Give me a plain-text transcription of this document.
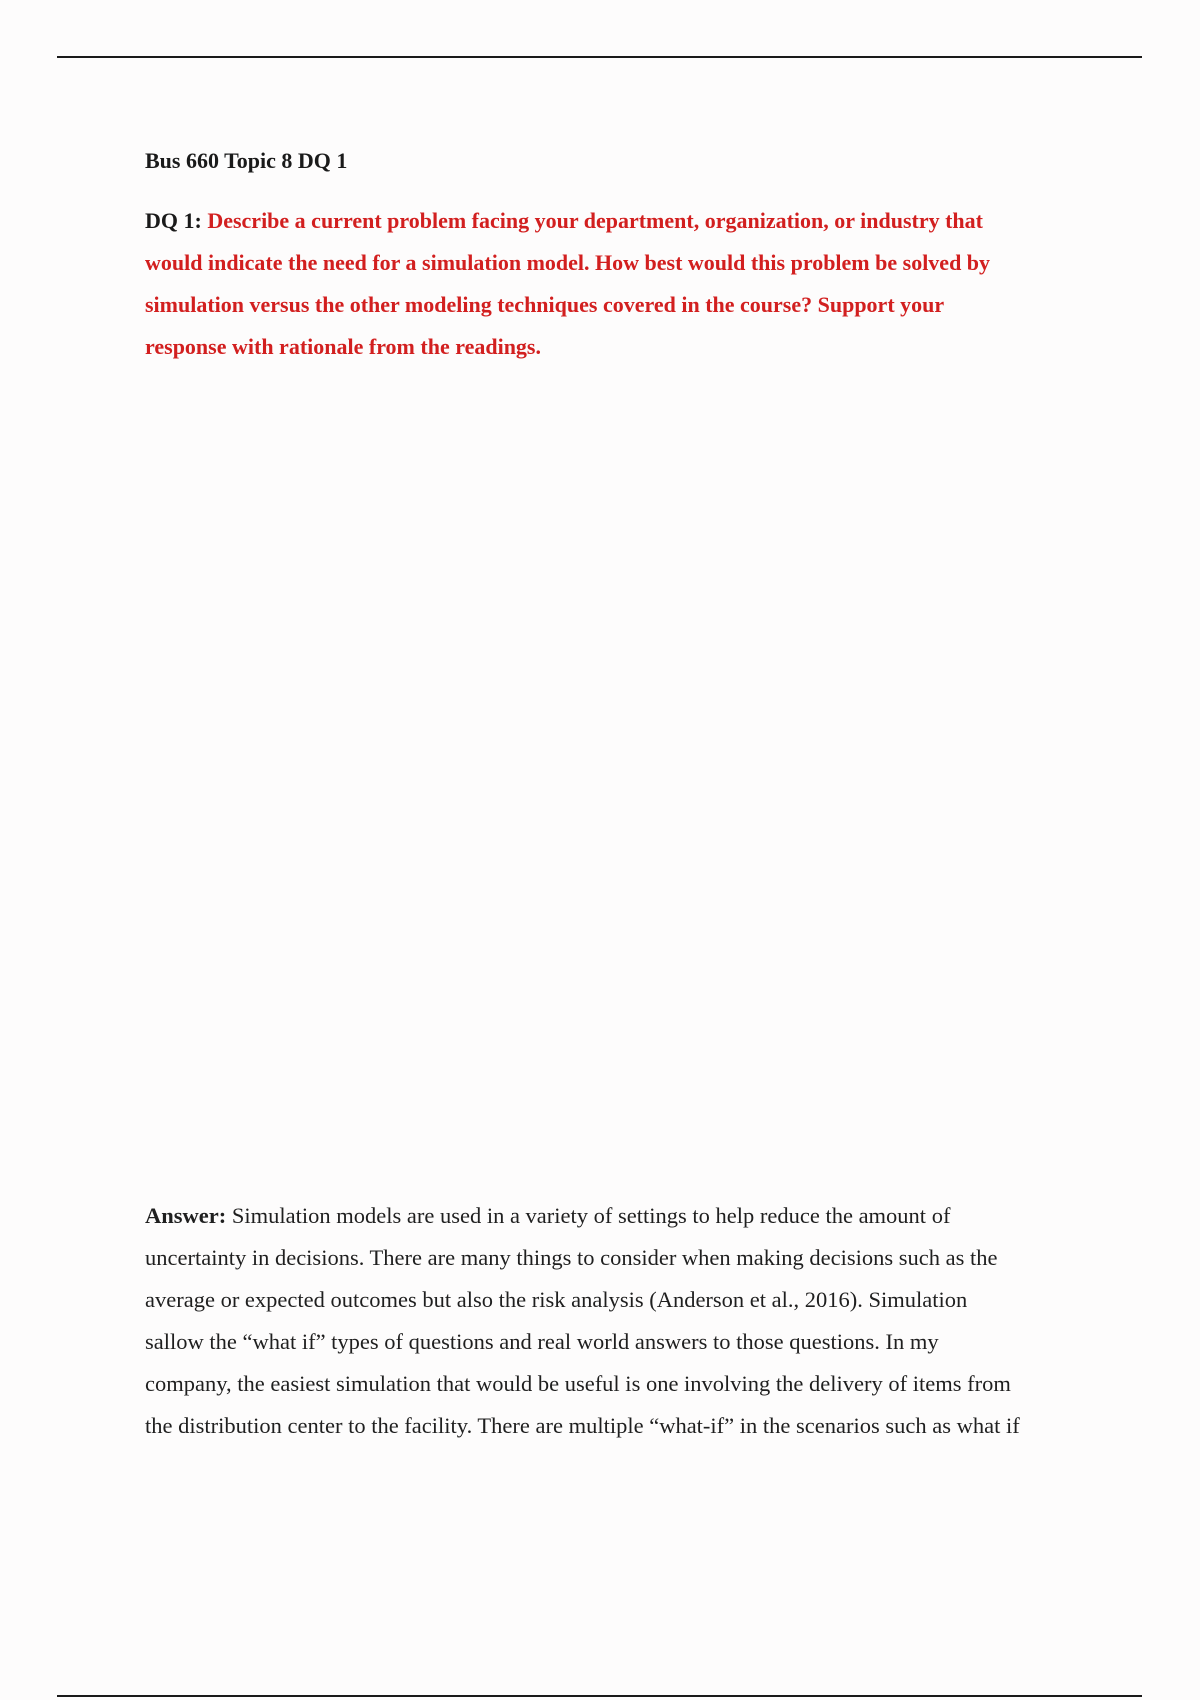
Bus 660 Topic 8 DQ 1
DQ 1: Describe a current problem facing your department, organization, or industry that
would indicate the need for a simulation model. How best would this problem be solved by
simulation versus the other modeling techniques covered in the course? Support your
response with rationale from the readings.
Answer: Simulation models are used in a variety of settings to help reduce the amount of
uncertainty in decisions. There are many things to consider when making decisions such as the
average or expected outcomes but also the risk analysis (Anderson et al., 2016). Simulation
sallow the “what if” types of questions and real world answers to those questions. In my
company, the easiest simulation that would be useful is one involving the delivery of items from
the distribution center to the facility. There are multiple “what-if” in the scenarios such as what if
